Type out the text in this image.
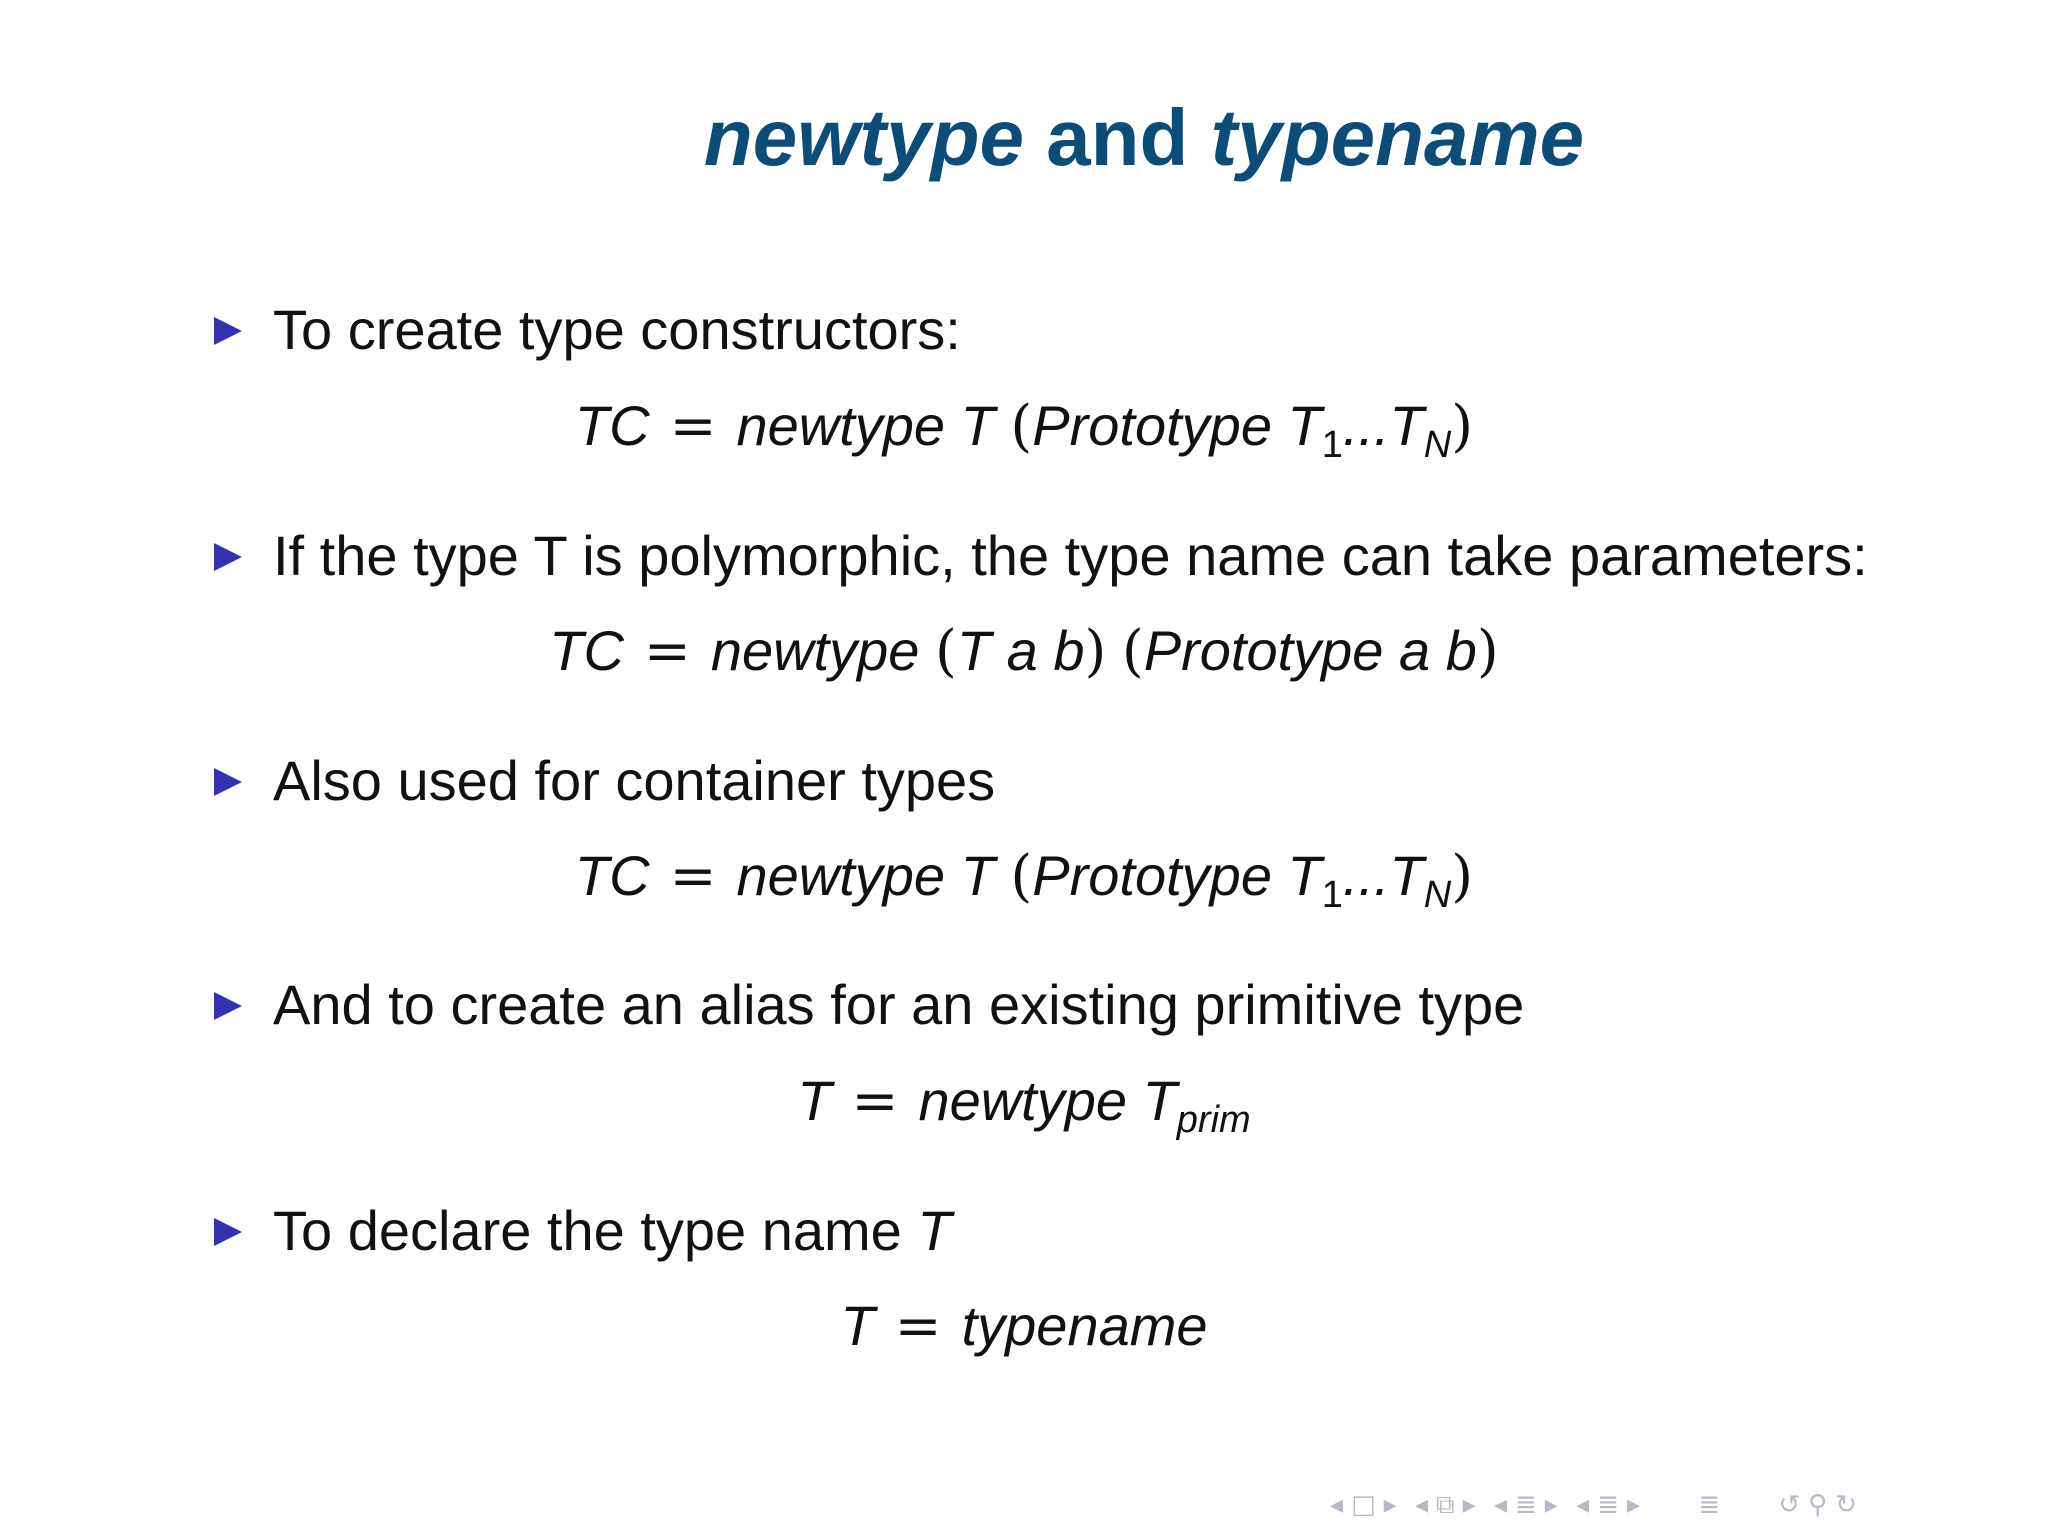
newtype and typename
To create type constructors:
TC = newtype T (Prototype $T_1...T_N$)
If the type T is polymorphic, the type name can take parameters:
TC = newtype (T a b) (Prototype a b)
Also used for container types
TC = newtype T (Prototype $T_1...T_N$)
And to create an alias for an existing primitive type
T = newtype $T_{prim}$
To declare the type name T
T = typename
◂ □ ▸ ◂ ⧉ ▸ ◂ ≣ ▸ ◂ ≣ ▸ ≣ ↺ ⚲ ↻
